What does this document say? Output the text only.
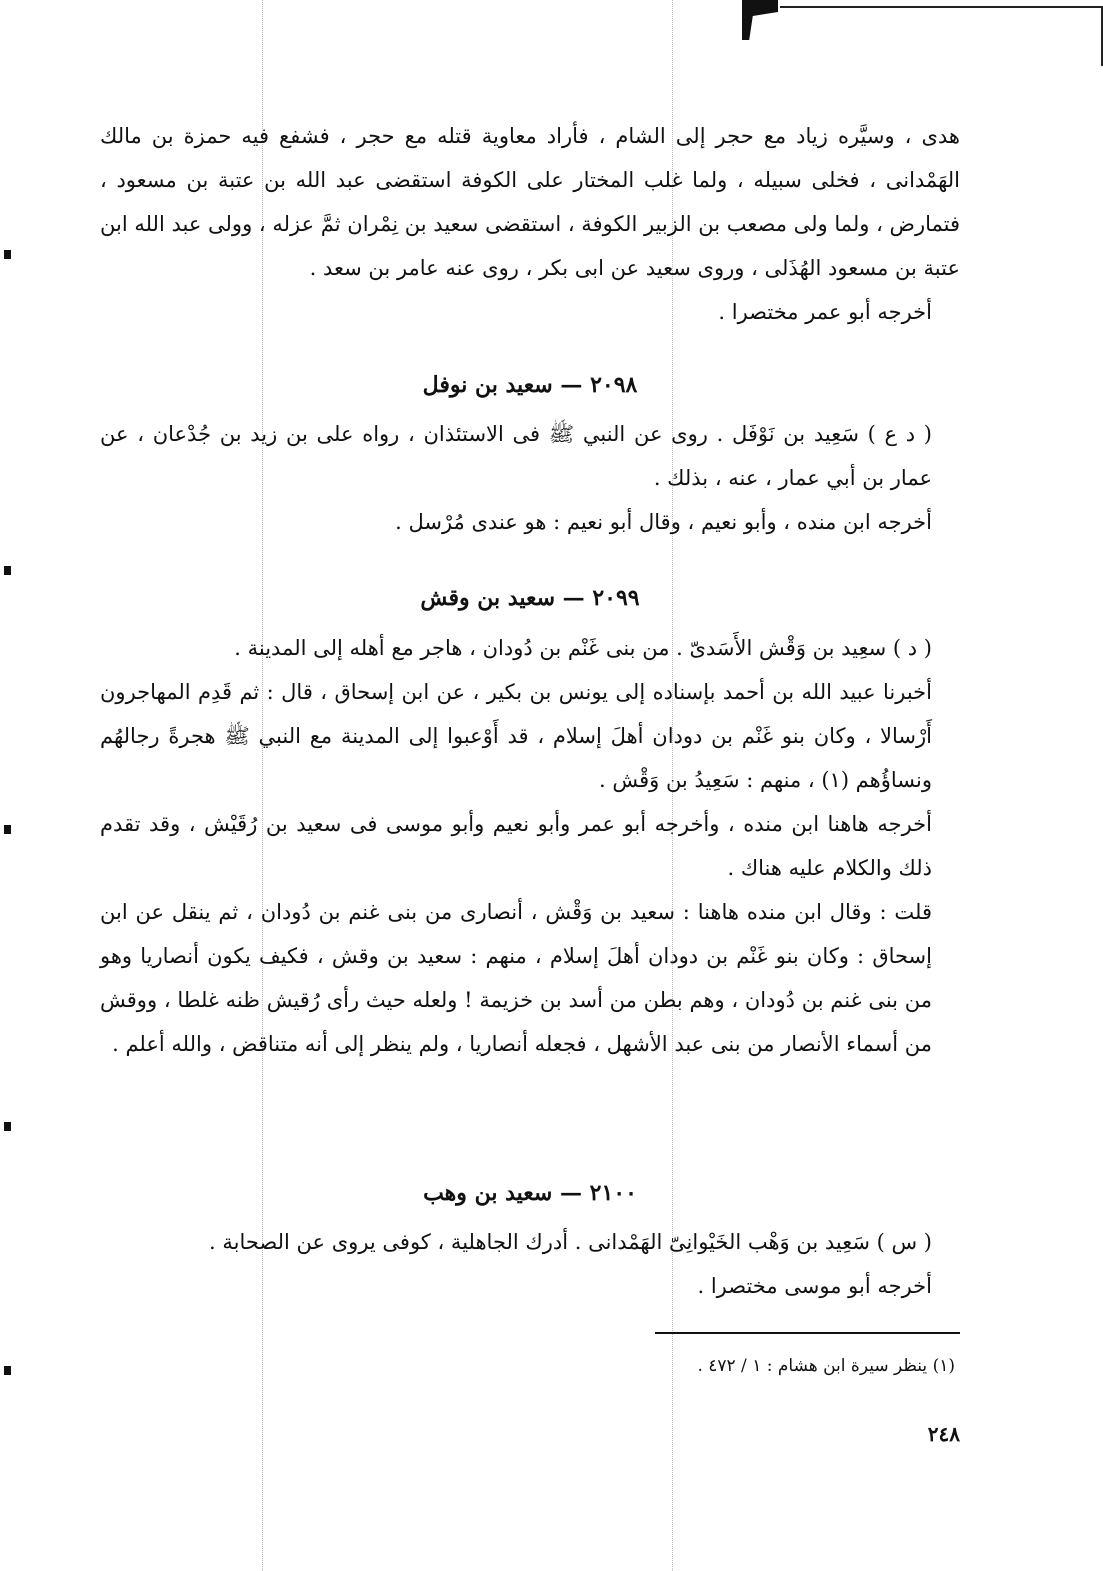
هدى ، وسيَّره زياد مع حجر إلى الشام ، فأراد معاوية قتله مع حجر ، فشفع فيه حمزة بن مالك الهَمْدانى ، فخلى سبيله ، ولما غلب المختار على الكوفة استقضى عبد الله بن عتبة بن مسعود ، فتمارض ، ولما ولى مصعب بن الزبير الكوفة ، استقضى سعيد بن نِمْران ثمَّ عزله ، وولى عبد الله ابن عتبة بن مسعود الهُذَلى ، وروى سعيد عن ابى بكر ، روى عنه عامر بن سعد .

أخرجه أبو عمر مختصرا .

٢٠٩٨ — سعيد بن نوفل

( د ع ) سَعِيد بن نَوْفَل . روى عن النبي ﷺ فى الاستئذان ، رواه على بن زيد بن جُدْعان ، عن عمار بن أبي عمار ، عنه ، بذلك .

أخرجه ابن منده ، وأبو نعيم ، وقال أبو نعيم : هو عندى مُرْسل .

٢٠٩٩ — سعيد بن وقش

( د ) سعِيد بن وَقْش الأَسَدىّ . من بنى غَنْم بن دُودان ، هاجر مع أهله إلى المدينة .

أخبرنا عبيد الله بن أحمد بإسناده إلى يونس بن بكير ، عن ابن إسحاق ، قال : ثم قَدِم المهاجرون أَرْسالا ، وكان بنو غَنْم بن دودان أهلَ إسلام ، قد أَوْعبوا إلى المدينة مع النبي ﷺ هجرةً رجالهُم ونساؤُهم (١) ، منهم : سَعِيدُ بن وَقْش .

أخرجه هاهنا ابن منده ، وأخرجه أبو عمر وأبو نعيم وأبو موسى فى سعيد بن رُقَيْش ، وقد تقدم ذلك والكلام عليه هناك .

قلت : وقال ابن منده هاهنا : سعيد بن وَقْش ، أنصارى من بنى غنم بن دُودان ، ثم ينقل عن ابن إسحاق : وكان بنو غَنْم بن دودان أهلَ إسلام ، منهم : سعيد بن وقش ، فكيف يكون أنصاريا وهو من بنى غنم بن دُودان ، وهم بطن من أسد بن خزيمة ! ولعله حيث رأى رُقيش ظنه غلطا ، ووقش من أسماء الأنصار من بنى عبد الأشهل ، فجعله أنصاريا ، ولم ينظر إلى أنه متناقض ، والله أعلم .

٢١٠٠ — سعيد بن وهب

( س ) سَعِيد بن وَهْب الخَيْوانِىّ الهَمْدانى . أدرك الجاهلية ، كوفى يروى عن الصحابة .

أخرجه أبو موسى مختصرا .

(١) ينظر سيرة ابن هشام : ١ / ٤٧٢ .
٢٤٨
